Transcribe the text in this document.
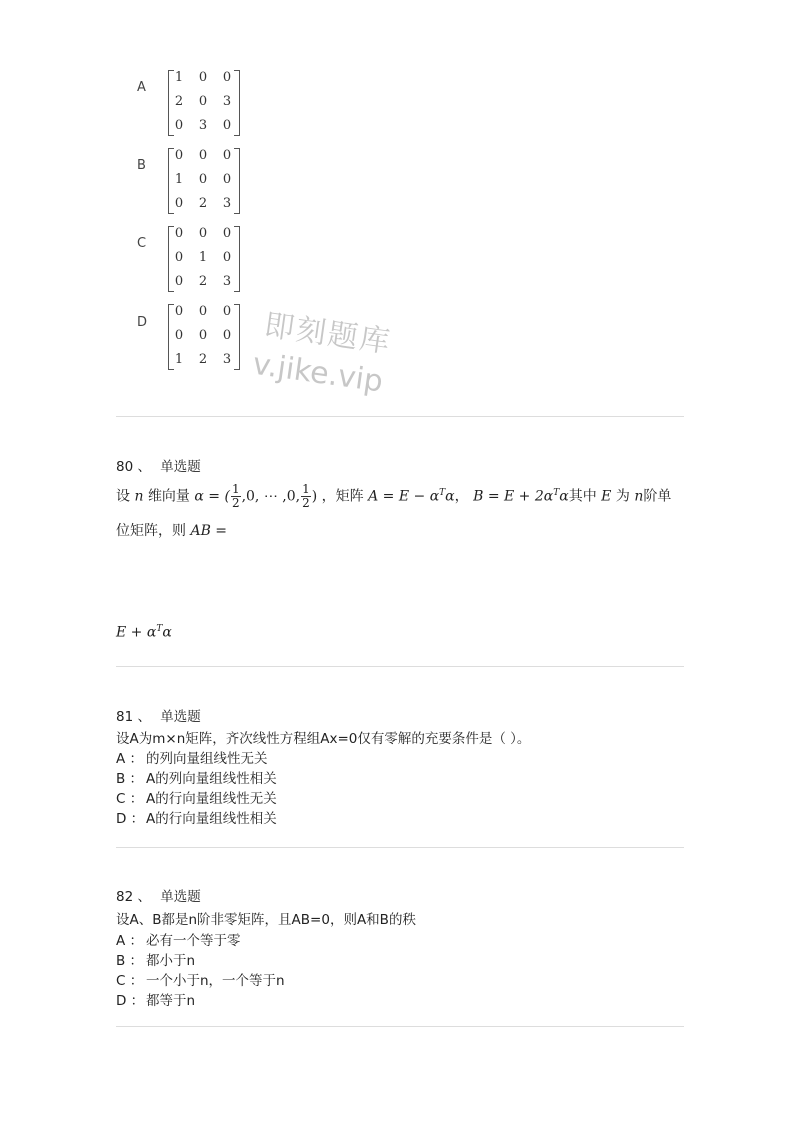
A
1	0	0
2	0	3
0	3	0
B
0	0	0
1	0	0
0	2	3
C
0	0	0
0	1	0
0	2	3
D
0	0	0
0	0	0
1	2	3 即刻题库
v.jike.vip
80 、 单选题
设 n 维向量 α = ( $\frac{1}{2} ,0$, ⋯ ,0, $\frac{1}{2}$ ) ，矩阵 $A = E - \alpha^T\alpha$， $B = E + 2\alpha^T\alpha$其中 E 为 n阶单
位矩阵，则 AB =
$E + \alpha^T\alpha$
81 、 单选题
设A为m×n矩阵，齐次线性方程组Ax=0仅有零解的充要条件是（ ）。
A ： 的列向量组线性无关
B ： A的列向量组线性相关
C ： A的行向量组线性无关
D ： A的行向量组线性相关
82 、 单选题
设A、B都是n阶非零矩阵，且AB=0，则A和B的秩
A ： 必有一个等于零
B ： 都小于n
C ： 一个小于n，一个等于n
D ： 都等于n
